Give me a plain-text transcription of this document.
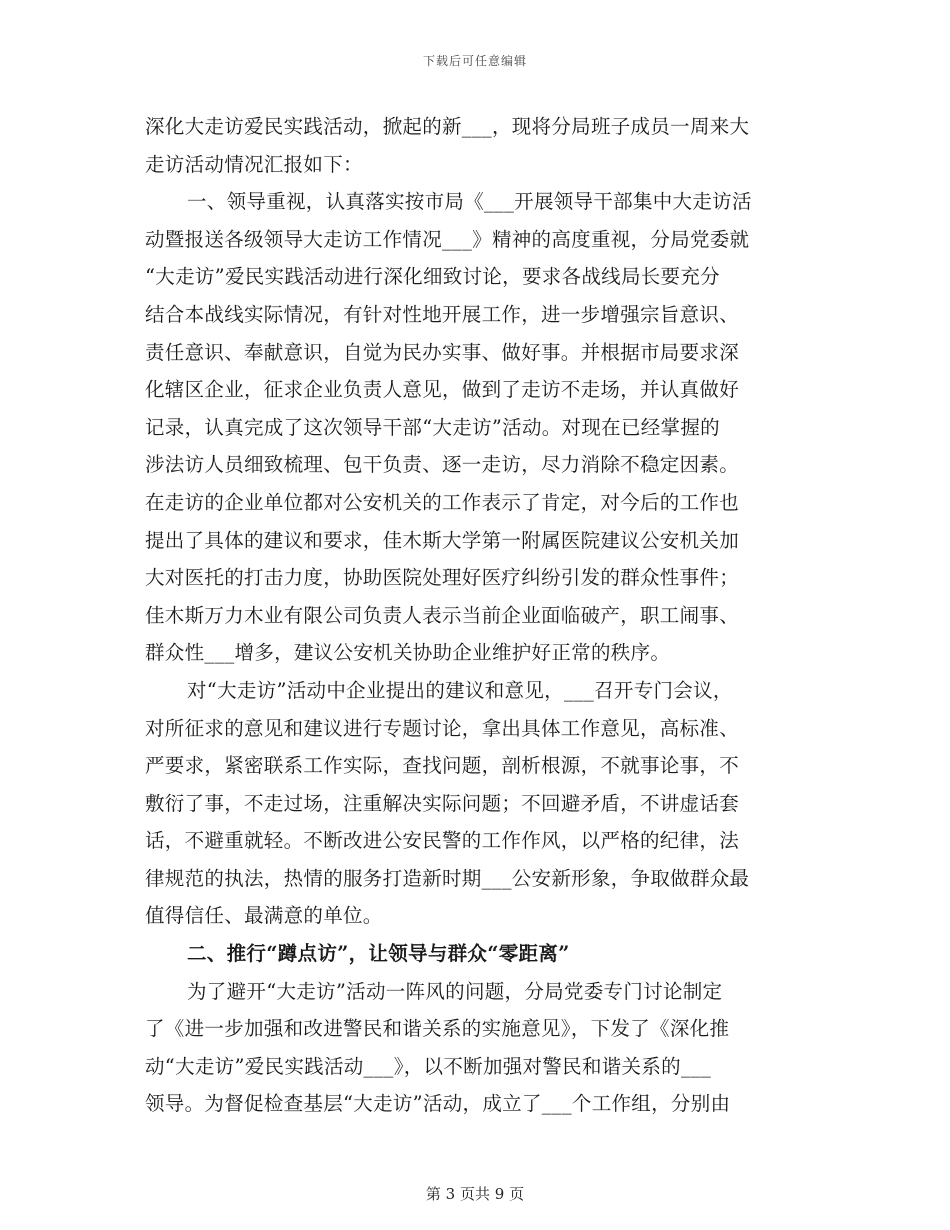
下载后可任意编辑
深化大走访爱民实践活动，掀起的新___，现将分局班子成员一周来大
走访活动情况汇报如下：
一、领导重视，认真落实按市局《___开展领导干部集中大走访活
动暨报送各级领导大走访工作情况___》精神的高度重视，分局党委就
“大走访”爱民实践活动进行深化细致讨论，要求各战线局长要充分
结合本战线实际情况，有针对性地开展工作，进一步增强宗旨意识、
责任意识、奉献意识，自觉为民办实事、做好事。并根据市局要求深
化辖区企业，征求企业负责人意见，做到了走访不走场，并认真做好
记录，认真完成了这次领导干部“大走访”活动。对现在已经掌握的
涉法访人员细致梳理、包干负责、逐一走访，尽力消除不稳定因素。
在走访的企业单位都对公安机关的工作表示了肯定，对今后的工作也
提出了具体的建议和要求，佳木斯大学第一附属医院建议公安机关加
大对医托的打击力度，协助医院处理好医疗纠纷引发的群众性事件；
佳木斯万力木业有限公司负责人表示当前企业面临破产，职工闹事、
群众性___增多，建议公安机关协助企业维护好正常的秩序。
对“大走访”活动中企业提出的建议和意见，___召开专门会议，
对所征求的意见和建议进行专题讨论，拿出具体工作意见，高标准、
严要求，紧密联系工作实际，查找问题，剖析根源，不就事论事，不
敷衍了事，不走过场，注重解决实际问题；不回避矛盾，不讲虚话套
话，不避重就轻。不断改进公安民警的工作作风，以严格的纪律，法
律规范的执法，热情的服务打造新时期___公安新形象，争取做群众最
值得信任、最满意的单位。
二、推行“蹲点访”，让领导与群众“零距离”
为了避开“大走访”活动一阵风的问题，分局党委专门讨论制定
了《进一步加强和改进警民和谐关系的实施意见》，下发了《深化推
动“大走访”爱民实践活动___》，以不断加强对警民和谐关系的___
领导。为督促检查基层“大走访”活动，成立了___个工作组，分别由
第 3 页共 9 页
